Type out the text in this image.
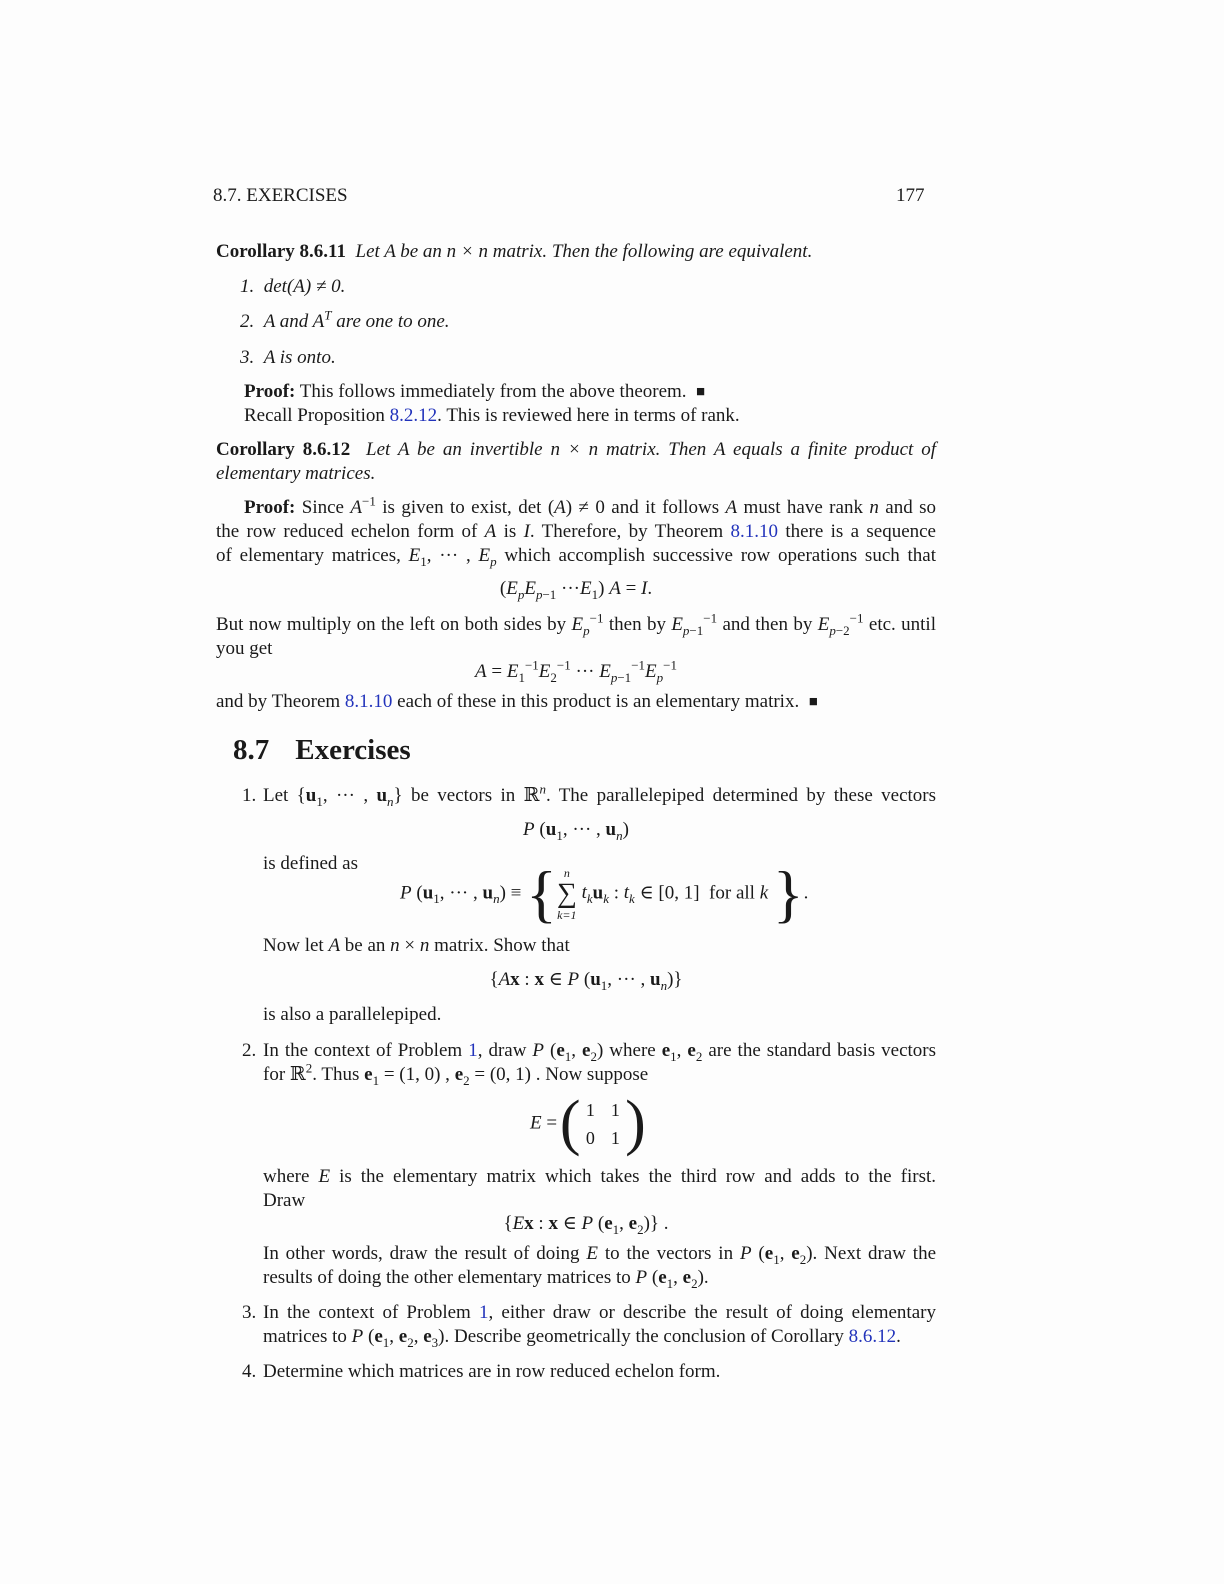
8.7. EXERCISES	177
Corollary 8.6.11 Let A be an n × n matrix. Then the following are equivalent.
1. det(A) ≠ 0.
2. A and $A^T$ are one to one.
3. A is onto.
Proof: This follows immediately from the above theorem. ■
Recall Proposition 8.2.12. This is reviewed here in terms of rank.
Corollary 8.6.12 Let A be an invertible n × n matrix. Then A equals a finite product of
elementary matrices.
Proof: Since $A^{-1}$ is given to exist, det (A) ≠ 0 and it follows A must have rank n and so
the row reduced echelon form of A is I. Therefore, by Theorem 8.1.10 there is a sequence
of elementary matrices, $E_1$, ··· , $E_p$ which accomplish successive row operations such that
$(E_pE_{p-1} \cdot\cdot\cdot E_1) A = I$.
But now multiply on the left on both sides by $E_p^{-1}$ then by $E_{p-1}^{-1}$ and then by $E_{p-2}^{-1}$ etc. until
you get
$A = E_1^{-1}E_2^{-1}$ ··· $E_{p-1}^{-1}E_p^{-1}$
and by Theorem 8.1.10 each of these in this product is an elementary matrix.  ■
8.7 Exercises
1. Let {$u_1$, ··· , $u_n$} be vectors in ℝ$^n$. The parallelepiped determined by these vectors
P ($u_1$, ··· , $u_n$)
is defined as
P ($u_1$, ··· , $u_n$) ≡ { n
∑
k=1
$t_ku_k$ : $t_k$ ∈ [0, 1]  for all k }.
Now let A be an n × n matrix. Show that
{Ax : x ∈ P ($u_1$, ··· , $u_n$)}
is also a parallelepiped.
2. In the context of Problem 1, draw P ($e_1$, $e_2$) where $e_1$, $e_2$ are the standard basis vectors
for ℝ$^2$. Thus $e_1 = (1$, 0) , $e_2 = (0$, 1) . Now suppose
E =
( 1	1
0	1 )
where E is the elementary matrix which takes the third row and adds to the first.
Draw
{Ex : x ∈ P ($e_1$, $e_2$)} .
In other words, draw the result of doing E to the vectors in P ($e_1$, $e_2$). Next draw the
results of doing the other elementary matrices to P ($e_1$, $e_2$).
3. In the context of Problem 1, either draw or describe the result of doing elementary
matrices to P ($e_1$, $e_2$, $e_3$). Describe geometrically the conclusion of Corollary 8.6.12.
4. Determine which matrices are in row reduced echelon form.
